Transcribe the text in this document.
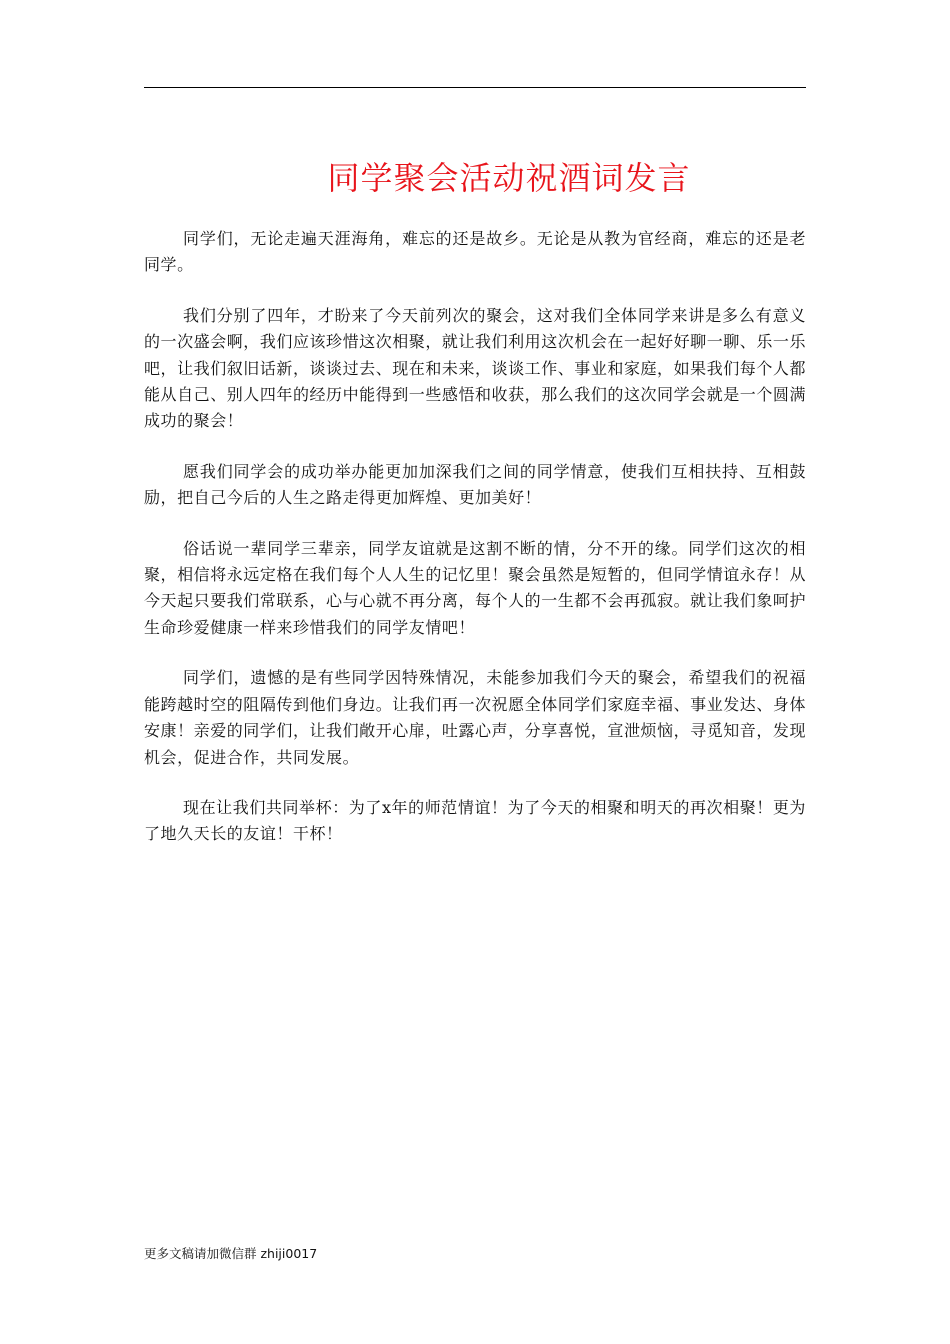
同学聚会活动祝酒词发言

同学们，无论走遍天涯海角，难忘的还是故乡。无论是从教为官经商，难忘的还是老同学。

我们分别了四年，才盼来了今天前列次的聚会，这对我们全体同学来讲是多么有意义的一次盛会啊，我们应该珍惜这次相聚，就让我们利用这次机会在一起好好聊一聊、乐一乐吧，让我们叙旧话新，谈谈过去、现在和未来，谈谈工作、事业和家庭，如果我们每个人都能从自己、别人四年的经历中能得到一些感悟和收获，那么我们的这次同学会就是一个圆满成功的聚会！

愿我们同学会的成功举办能更加加深我们之间的同学情意，使我们互相扶持、互相鼓励，把自己今后的人生之路走得更加辉煌、更加美好！

俗话说一辈同学三辈亲，同学友谊就是这割不断的情，分不开的缘。同学们这次的相聚，相信将永远定格在我们每个人人生的记忆里！聚会虽然是短暂的，但同学情谊永存！从今天起只要我们常联系，心与心就不再分离，每个人的一生都不会再孤寂。就让我们象呵护生命珍爱健康一样来珍惜我们的同学友情吧！

同学们，遗憾的是有些同学因特殊情况，未能参加我们今天的聚会，希望我们的祝福能跨越时空的阻隔传到他们身边。让我们再一次祝愿全体同学们家庭幸福、事业发达、身体安康！亲爱的同学们，让我们敞开心扉，吐露心声，分享喜悦，宣泄烦恼，寻觅知音，发现机会，促进合作，共同发展。

现在让我们共同举杯：为了x年的师范情谊！为了今天的相聚和明天的再次相聚！更为了地久天长的友谊！干杯！

更多文稿请加微信群 zhiji0017
